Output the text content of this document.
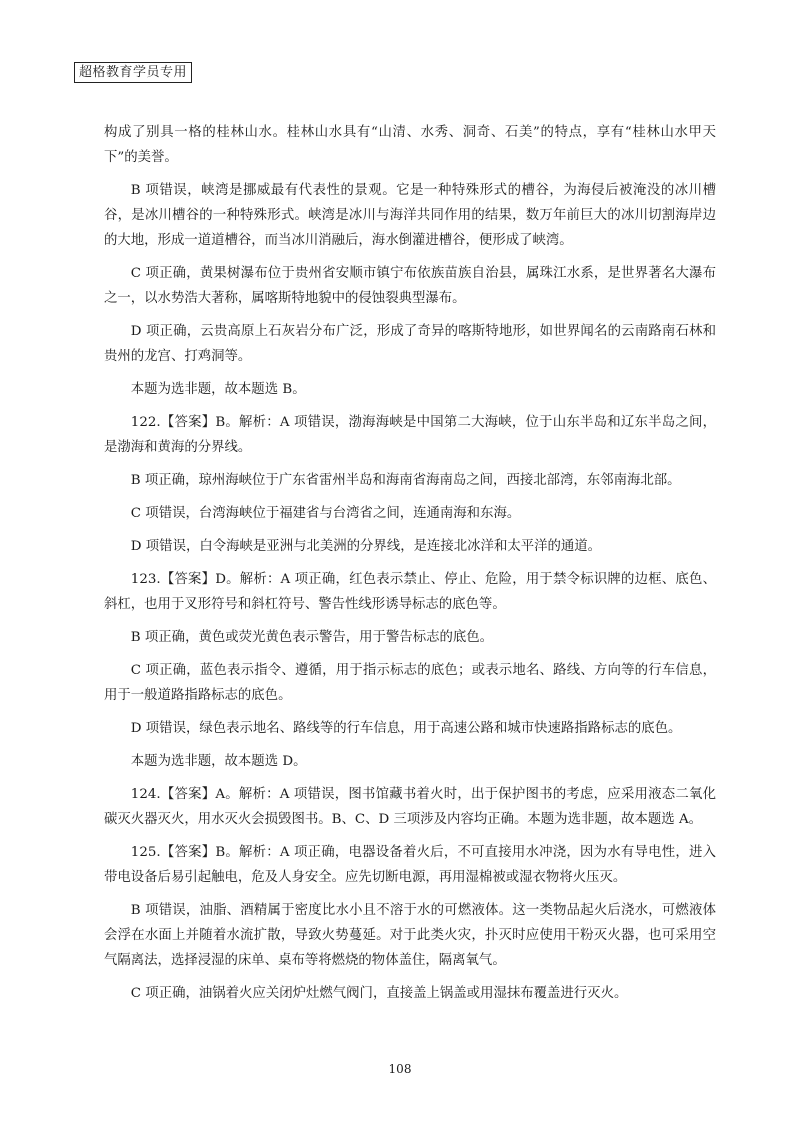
超格教育学员专用

构成了别具一格的桂林山水。桂林山水具有“山清、水秀、洞奇、石美”的特点，享有“桂林山水甲天下”的美誉。

B 项错误，峡湾是挪威最有代表性的景观。它是一种特殊形式的槽谷，为海侵后被淹没的冰川槽谷，是冰川槽谷的一种特殊形式。峡湾是冰川与海洋共同作用的结果，数万年前巨大的冰川切割海岸边的大地，形成一道道槽谷，而当冰川消融后，海水倒灌进槽谷，便形成了峡湾。

C 项正确，黄果树瀑布位于贵州省安顺市镇宁布依族苗族自治县，属珠江水系，是世界著名大瀑布之一，以水势浩大著称，属喀斯特地貌中的侵蚀裂典型瀑布。

D 项正确，云贵高原上石灰岩分布广泛，形成了奇异的喀斯特地形，如世界闻名的云南路南石林和贵州的龙宫、打鸡洞等。

本题为选非题，故本题选 B。

122.【答案】B。解析：A 项错误，渤海海峡是中国第二大海峡，位于山东半岛和辽东半岛之间，是渤海和黄海的分界线。

B 项正确，琼州海峡位于广东省雷州半岛和海南省海南岛之间，西接北部湾，东邻南海北部。

C 项错误，台湾海峡位于福建省与台湾省之间，连通南海和东海。

D 项错误，白令海峡是亚洲与北美洲的分界线，是连接北冰洋和太平洋的通道。

123.【答案】D。解析：A 项正确，红色表示禁止、停止、危险，用于禁令标识牌的边框、底色、斜杠，也用于叉形符号和斜杠符号、警告性线形诱导标志的底色等。

B 项正确，黄色或荧光黄色表示警告，用于警告标志的底色。

C 项正确，蓝色表示指令、遵循，用于指示标志的底色；或表示地名、路线、方向等的行车信息，用于一般道路指路标志的底色。

D 项错误，绿色表示地名、路线等的行车信息，用于高速公路和城市快速路指路标志的底色。

本题为选非题，故本题选 D。

124.【答案】A。解析：A 项错误，图书馆藏书着火时，出于保护图书的考虑，应采用液态二氧化碳灭火器灭火，用水灭火会损毁图书。B、C、D 三项涉及内容均正确。本题为选非题，故本题选 A。

125.【答案】B。解析：A 项正确，电器设备着火后，不可直接用水冲浇，因为水有导电性，进入带电设备后易引起触电，危及人身安全。应先切断电源，再用湿棉被或湿衣物将火压灭。

B 项错误，油脂、酒精属于密度比水小且不溶于水的可燃液体。这一类物品起火后浇水，可燃液体会浮在水面上并随着水流扩散，导致火势蔓延。对于此类火灾，扑灭时应使用干粉灭火器，也可采用空气隔离法，选择浸湿的床单、桌布等将燃烧的物体盖住，隔离氧气。

C 项正确，油锅着火应关闭炉灶燃气阀门，直接盖上锅盖或用湿抹布覆盖进行灭火。

108
